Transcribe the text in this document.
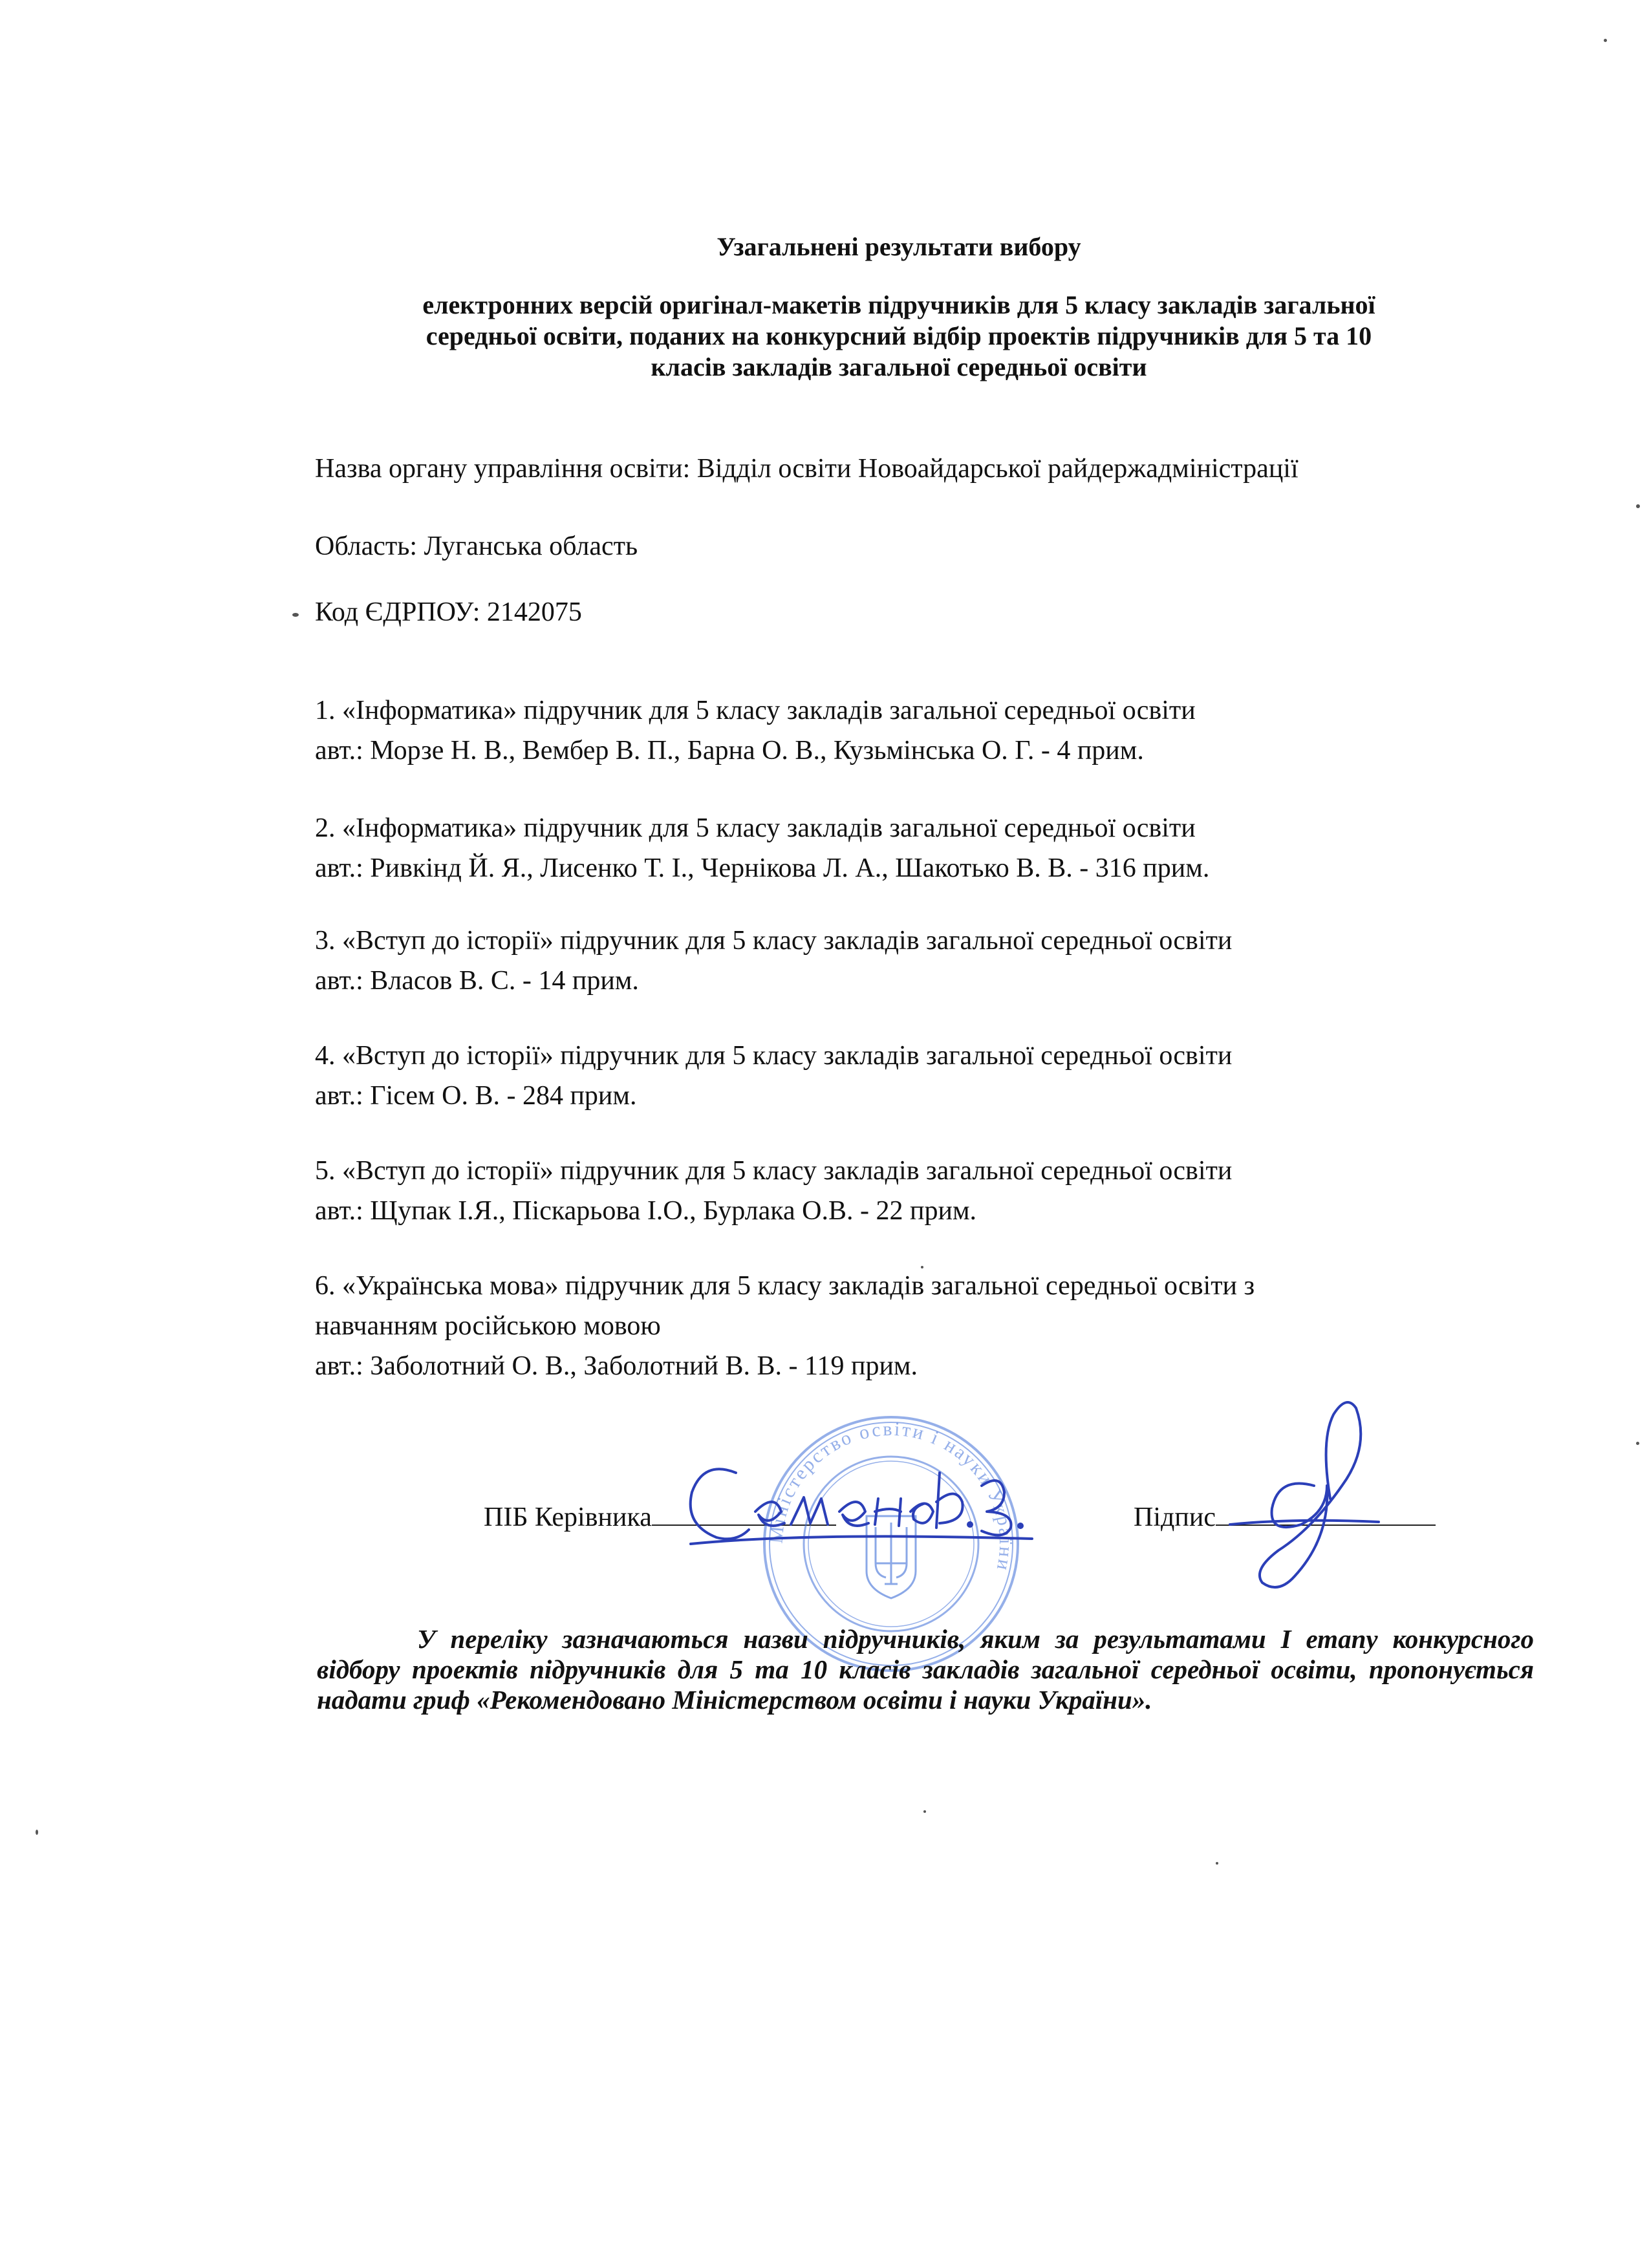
Узагальнені результати вибору
електронних версій оригінал-макетів підручників для 5 класу закладів загальної
середньої освіти, поданих на конкурсний відбір проектів підручників для 5 та 10
класів закладів загальної середньої освіти
Назва органу управління освіти: Відділ освіти Новоайдарської райдержадміністрації
Область: Луганська область
Код ЄДРПОУ: 2142075
1. «Інформатика» підручник для 5 класу закладів загальної середньої освіти
авт.: Морзе Н. В., Вембер В. П., Барна О. В., Кузьмінська О. Г. - 4 прим.
2. «Інформатика» підручник для 5 класу закладів загальної середньої освіти
авт.: Ривкінд Й. Я., Лисенко Т. І., Чернікова Л. А., Шакотько В. В. - 316 прим.
3. «Вступ до історії» підручник для 5 класу закладів загальної середньої освіти
авт.: Власов В. С. - 14 прим.
4. «Вступ до історії» підручник для 5 класу закладів загальної середньої освіти
авт.: Гісем О. В. - 284 прим.
5. «Вступ до історії» підручник для 5 класу закладів загальної середньої освіти
авт.: Щупак І.Я., Піскарьова І.О., Бурлака О.В. - 22 прим.
6. «Українська мова» підручник для 5 класу закладів загальної середньої освіти з
навчанням російською мовою
авт.: Заболотний О. В., Заболотний В. В. - 119 прим.
ПІБ Керівника	Підпис
Міністерство освіти і науки України
У переліку зазначаються назви підручників, яким за результатами І етапу конкурсного відбору проектів підручників для 5 та 10 класів закладів загальної середньої освіти, пропонується надати гриф «Рекомендовано Міністерством освіти і науки України».
